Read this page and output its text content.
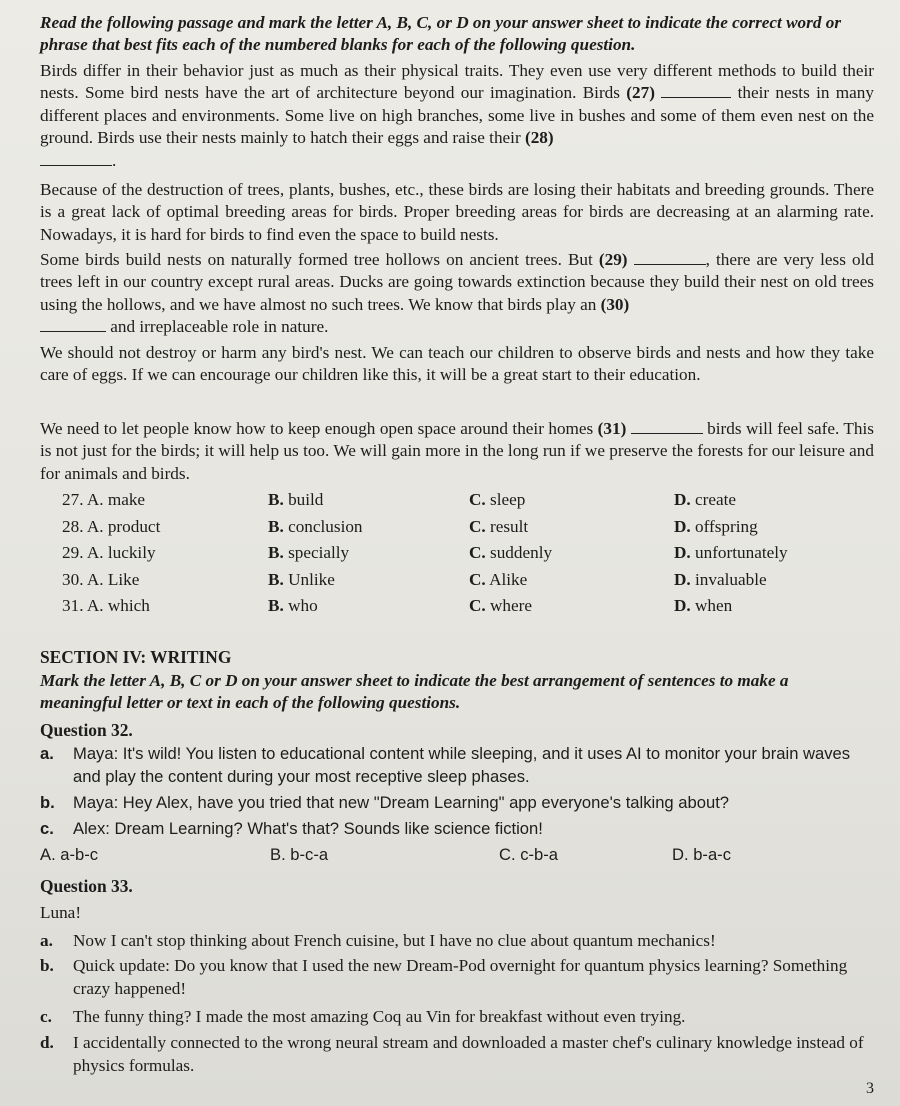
Read the following passage and mark the letter A, B, C, or D on your answer sheet to indicate the correct word or phrase that best fits each of the numbered blanks for each of the following question.

Birds differ in their behavior just as much as their physical traits. They even use very different methods to build their nests. Some bird nests have the art of architecture beyond our imagination. Birds (27)	their nests in many different places and environments. Some live on high branches, some live in bushes and some of them even nest on the ground. Birds use their nests mainly to hatch their eggs and raise their (28)
.

Because of the destruction of trees, plants, bushes, etc., these birds are losing their habitats and breeding grounds. There is a great lack of optimal breeding areas for birds. Proper breeding areas for birds are decreasing at an alarming rate. Nowadays, it is hard for birds to find even the space to build nests.

Some birds build nests on naturally formed tree hollows on ancient trees. But (29)	, there are very less old trees left in our country except rural areas. Ducks are going towards extinction because they build their nest on old trees using the hollows, and we have almost no such trees. We know that birds play an (30)
and irreplaceable role in nature.

We should not destroy or harm any bird's nest. We can teach our children to observe birds and nests and how they take care of eggs. If we can encourage our children like this, it will be a great start to their education.

We need to let people know how to keep enough open space around their homes (31)	birds will feel safe. This is not just for the birds; it will help us too. We will gain more in the long run if we preserve the forests for our leisure and for animals and birds.

27. A. make	B. build	C. sleep	D. create
28. A. product	B. conclusion	C. result	D. offspring
29. A. luckily	B. specially	C. suddenly	D. unfortunately
30. A. Like	B. Unlike	C. Alike	D. invaluable
31. A. which	B. who	C. where	D. when

SECTION IV: WRITING

Mark the letter A, B, C or D on your answer sheet to indicate the best arrangement of sentences to make a meaningful letter or text in each of the following questions.

Question 32.

a. Maya: It's wild! You listen to educational content while sleeping, and it uses AI to monitor your brain waves and play the content during your most receptive sleep phases.
b. Maya: Hey Alex, have you tried that new "Dream Learning" app everyone's talking about?
c. Alex: Dream Learning? What's that? Sounds like science fiction!
A. a-b-c	B. b-c-a	C. c-b-a	D. b-a-c

Question 33.

Luna!

a. Now I can't stop thinking about French cuisine, but I have no clue about quantum mechanics!
b. Quick update: Do you know that I used the new Dream-Pod overnight for quantum physics learning? Something crazy happened!
c. The funny thing? I made the most amazing Coq au Vin for breakfast without even trying.
d. I accidentally connected to the wrong neural stream and downloaded a master chef's culinary knowledge instead of physics formulas.
3
